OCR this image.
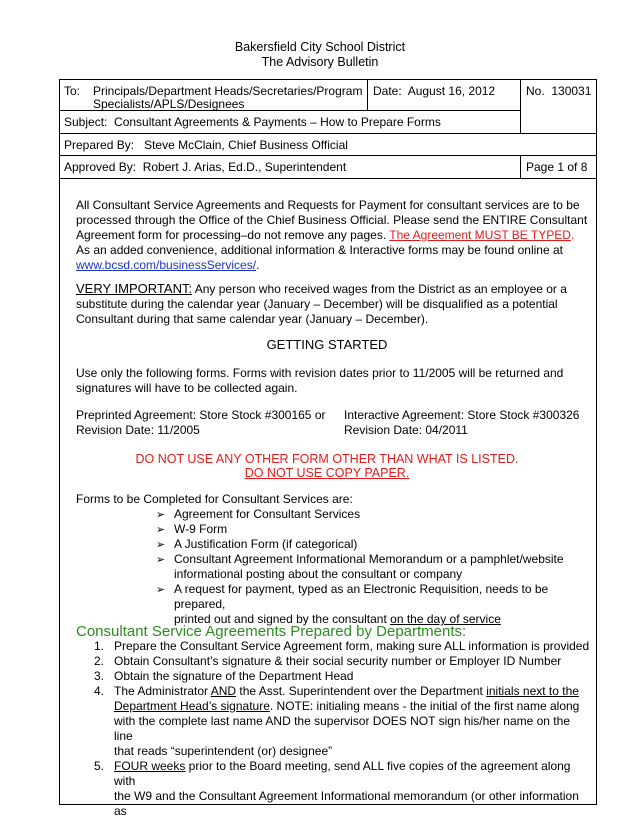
Bakersfield City School District
The Advisory Bulletin
To: Principals/Department Heads/Secretaries/Program
Specialists/APLS/Designees
Date: August 16, 2012	No. 130031
Subject: Consultant Agreements & Payments – How to Prepare Forms
Prepared By: Steve McClain, Chief Business Official
Approved By: Robert J. Arias, Ed.D., Superintendent	Page 1 of 8
All Consultant Service Agreements and Requests for Payment for consultant services are to be
processed through the Office of the Chief Business Official. Please send the ENTIRE Consultant
Agreement form for processing–do not remove any pages. The Agreement MUST BE TYPED.
As an added convenience, additional information & Interactive forms may be found online at
www.bcsd.com/businessServices/.
VERY IMPORTANT: Any person who received wages from the District as an employee or a
substitute during the calendar year (January – December) will be disqualified as a potential
Consultant during that same calendar year (January – December).
GETTING STARTED
Use only the following forms. Forms with revision dates prior to 11/2005 will be returned and
signatures will have to be collected again.
Preprinted Agreement: Store Stock #300165 or
Revision Date: 11/2005
Interactive Agreement: Store Stock #300326
Revision Date: 04/2011
DO NOT USE ANY OTHER FORM OTHER THAN WHAT IS LISTED.
DO NOT USE COPY PAPER.
Forms to be Completed for Consultant Services are:
➢ Agreement for Consultant Services
➢ W-9 Form
➢ A Justification Form (if categorical)
➢ Consultant Agreement Informational Memorandum or a pamphlet/website
informational posting about the consultant or company
➢ A request for payment, typed as an Electronic Requisition, needs to be prepared,
printed out and signed by the consultant on the day of service
Consultant Service Agreements Prepared by Departments:
1. Prepare the Consultant Service Agreement form, making sure ALL information is provided
2. Obtain Consultant’s signature & their social security number or Employer ID Number
3. Obtain the signature of the Department Head
4. The Administrator AND the Asst. Superintendent over the Department initials next to the
Department Head’s signature. NOTE: initialing means - the initial of the first name along
with the complete last name AND the supervisor DOES NOT sign his/her name on the line
that reads “superintendent (or) designee”
5. FOUR weeks prior to the Board meeting, send ALL five copies of the agreement along with
the W9 and the Consultant Agreement Informational memorandum (or other information as
